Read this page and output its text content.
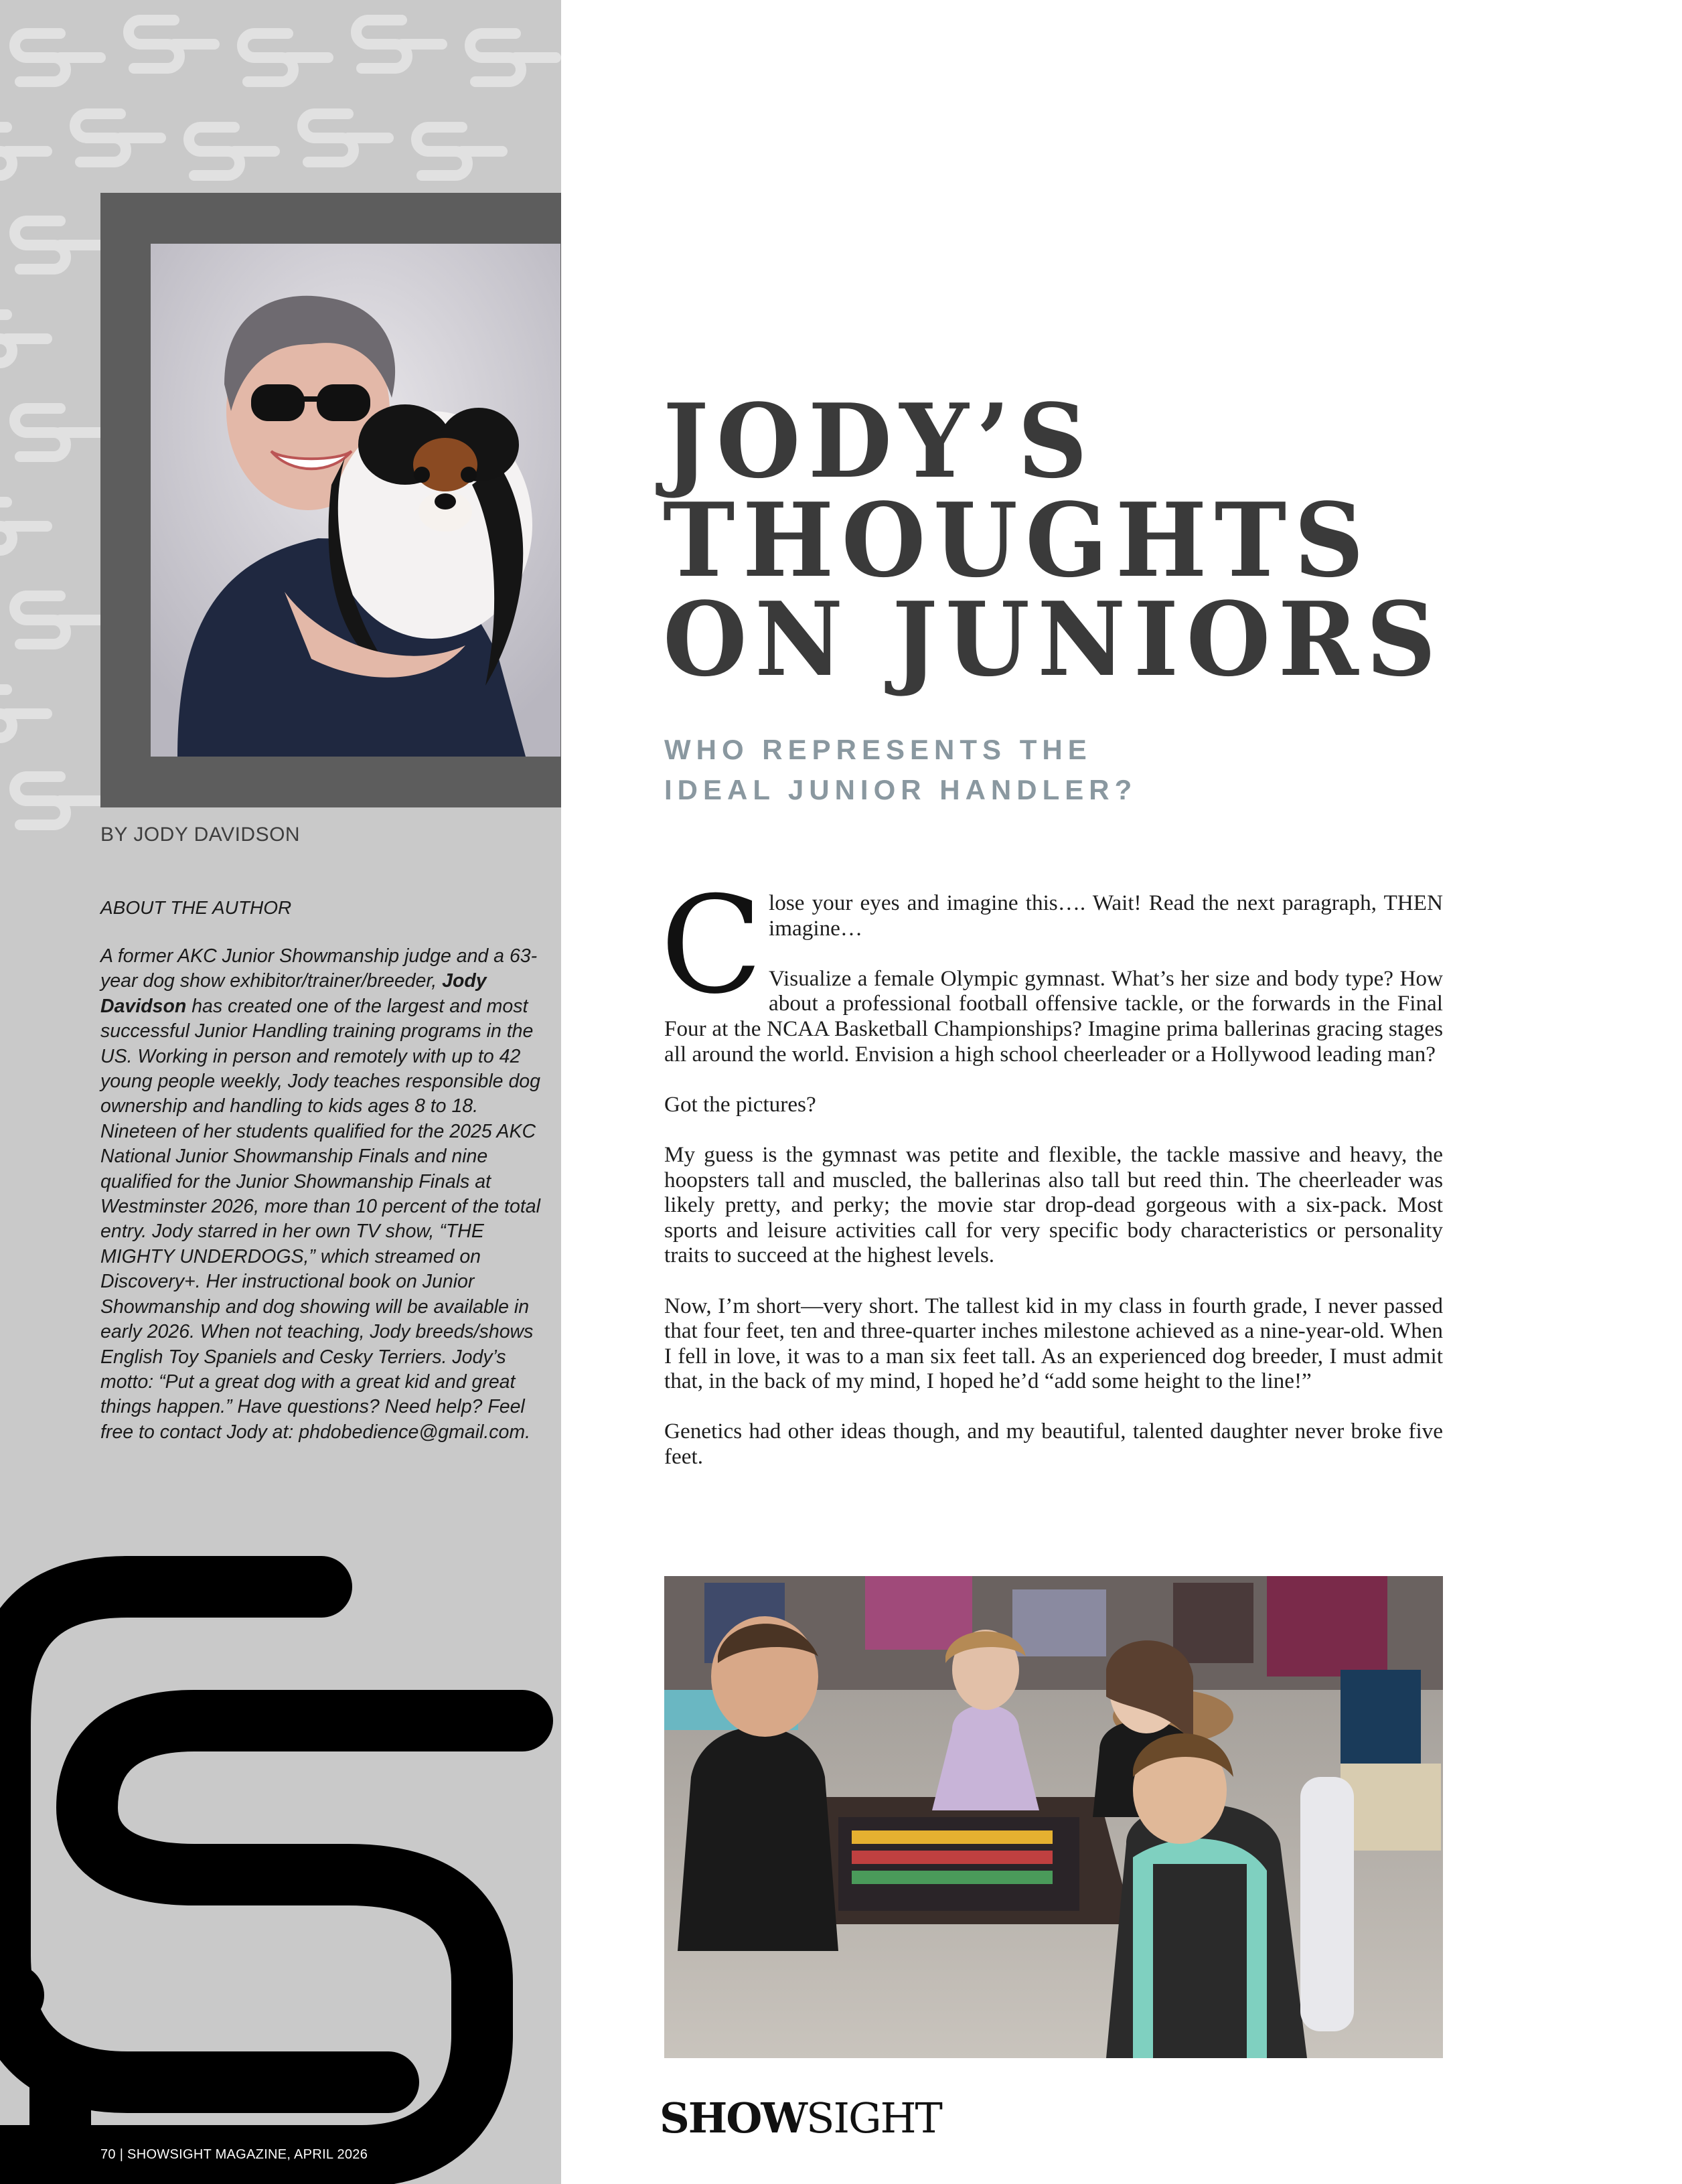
BY JODY DAVIDSON
ABOUT THE AUTHOR
A former AKC Junior Showmanship judge and a 63-year dog show exhibitor/trainer/breeder, Jody Davidson has created one of the largest and most successful Junior Handling training programs in the US. Working in person and remotely with up to 42 young people weekly, Jody teaches responsible dog ownership and handling to kids ages 8 to 18. Nineteen of her students qualified for the 2025 AKC National Junior Showmanship Finals and nine qualified for the Junior Showmanship Finals at Westminster 2026, more than 10 percent of the total entry. Jody starred in her own TV show, “THE MIGHTY UNDERDOGS,” which streamed on Discovery+. Her instructional book on Junior Showmanship and dog showing will be available in early 2026. When not teaching, Jody breeds/shows English Toy Spaniels and Cesky Terriers. Jody’s motto: “Put a great dog with a great kid and great things happen.” Have questions? Need help? Feel free to contact Jody at: phdobedience@gmail.com.
70 | SHOWSIGHT MAGAZINE, APRIL 2026
JODY’S
THOUGHTS
ON JUNIORS
WHO REPRESENTS THE
IDEAL JUNIOR HANDLER?

Close your eyes and imagine this…. Wait! Read the next paragraph, THEN imagine…

Visualize a female Olympic gymnast. What’s her size and body type? How about a professional football offensive tackle, or the forwards in the Final Four at the NCAA Basketball Championships? Imagine prima ballerinas gracing stages all around the world. Envision a high school cheerleader or a Hollywood leading man?

Got the pictures?

My guess is the gymnast was petite and flexible, the tackle massive and heavy, the hoopsters tall and muscled, the ballerinas also tall but reed thin. The cheerleader was likely pretty, and perky; the movie star drop-dead gorgeous with a six-pack. Most sports and leisure activities call for very specific body characteristics or personality traits to succeed at the highest levels.

Now, I’m short—very short. The tallest kid in my class in fourth grade, I never passed that four feet, ten and three-quarter inches milestone achieved as a nine-year-old. When I fell in love, it was to a man six feet tall. As an experienced dog breeder, I must admit that, in the back of my mind, I hoped he’d “add some height to the line!”

Genetics had other ideas though, and my beautiful, talented daughter never broke five feet.

SHOWSIGHT
